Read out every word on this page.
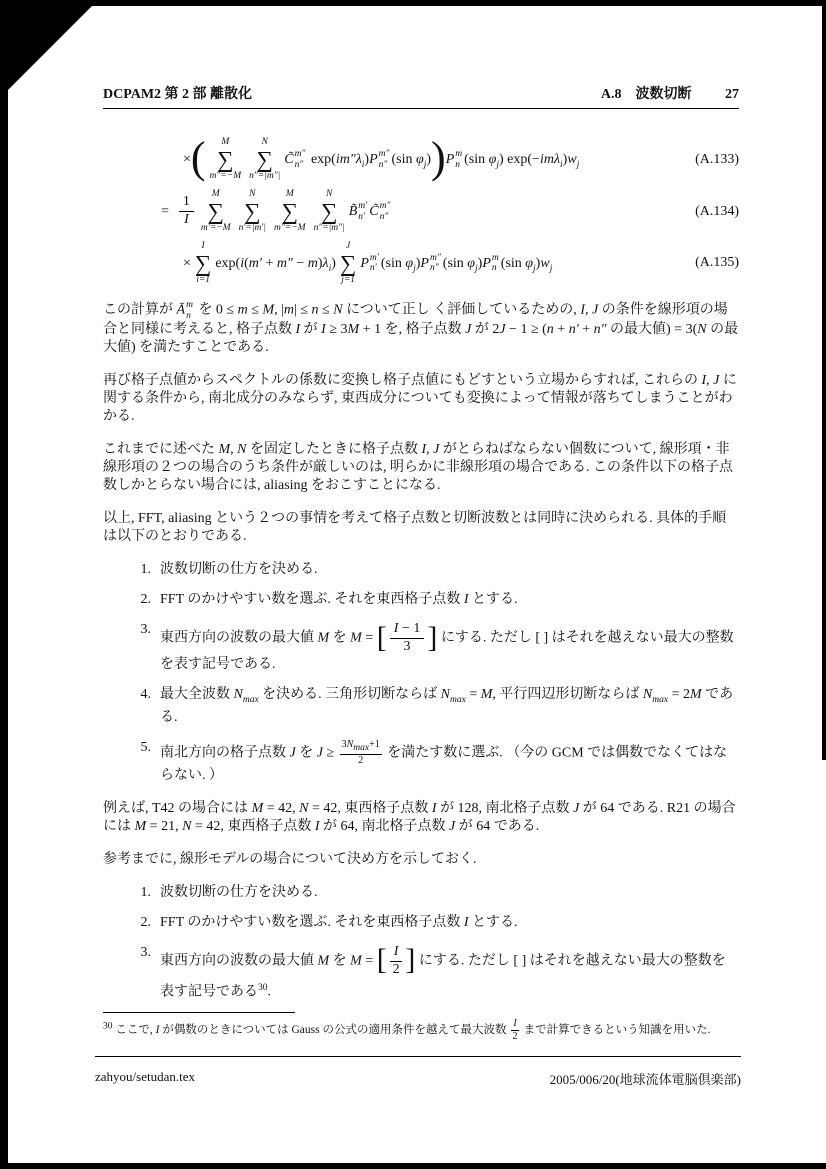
DCPAM2 第 2 部 離散化	A.8　波数切断 27
×( M
∑
m″=−M
N
∑
n″=|m″|
C̃ m″
n″ $\exp(im''\lambda_i)P$ m″
n″ (sin $\varphi_j))P$ m
n (sin $\varphi_j$) $\exp(-im\lambda_i)w_j$	(A.133)
=  $\frac{1}{I}$
M
∑
m′=−M
N
∑
n′=|m′|
M
∑
m″=−M
N
∑
n″=|m″|
B̃ m′
n′ C̃ m″
n″	(A.134)
×
I
∑
i=1
$\exp(i(m' + m'' - m)\lambda_i)$
J
∑
j=1
P m′
n′ (sin $\varphi_j)P$ m″
n″ (sin $\varphi_j)P$ m
n (sin $\varphi_j)w_j$	(A.135)

この計算が Ā m
n を 0 ≤ m ≤ M, |m| ≤ n ≤ N について正し く評価しているための, I, J の条件を線形項の場合と同様に考えると, 格子点数 I が I ≥ 3M + 1 を, 格子点数 J が 2J − 1 ≥ (n + n′ + n″ の最大値) = 3(N の最大値) を満たすことである.

再び格子点値からスペクトルの係数に変換し格子点値にもどすという立場からすれば, これらの I, J に関する条件から, 南北成分のみならず, 東西成分についても変換によって情報が落ちてしまうことがわかる.

これまでに述べた M, N を固定したときに格子点数 I, J がとらねばならない個数について, 線形項・非線形項の２つの場合のうち条件が厳しいのは, 明らかに非線形項の場合である. この条件以下の格子点数しかとらない場合には, aliasing をおこすことになる.

以上, FFT, aliasing という２つの事情を考えて格子点数と切断波数とは同時に決められる. 具体的手順は以下のとおりである.

1. 波数切断の仕方を決める.
2. FFT のかけやすい数を選ぶ. それを東西格子点数 I とする.
3.
東西方向の波数の最大値 M を M = [ $\frac{I - 1}{3}$ ] にする. ただし [ ] はそれを越えない最大の整数を表す記号である.
4. 最大全波数 $N_{max}$ を決める. 三角形切断ならば $N_{max} = M$, 平行四辺形切断ならば $N_{max} = 2M$ である.
5. 南北方向の格子点数 J を J ≥
$3N_{max}+1$
2
を満たす数に選ぶ. （今の GCM では偶数でなくてはならない. ）

例えば, T42 の場合には M = 42, N = 42, 東西格子点数 I が 128, 南北格子点数 J が 64 である. R21 の場合には M = 21, N = 42, 東西格子点数 I が 64, 南北格子点数 J が 64 である.

参考までに, 線形モデルの場合について決め方を示しておく.

1. 波数切断の仕方を決める.
2. FFT のかけやすい数を選ぶ. それを東西格子点数 I とする.
3.
東西方向の波数の最大値 M を M = [ $\frac{I}{2}$ ] にする. ただし [ ] はそれを越えない最大の整数を表す記号である$^{30}$.

$^{30}$ ここで, I が偶数のときについては Gauss の公式の適用条件を越えて最大波数 $\frac{I}{2}$ まで計算できるという知識を用いた.

zahyou/setudan.tex	2005/006/20(地球流体電脳倶楽部)
